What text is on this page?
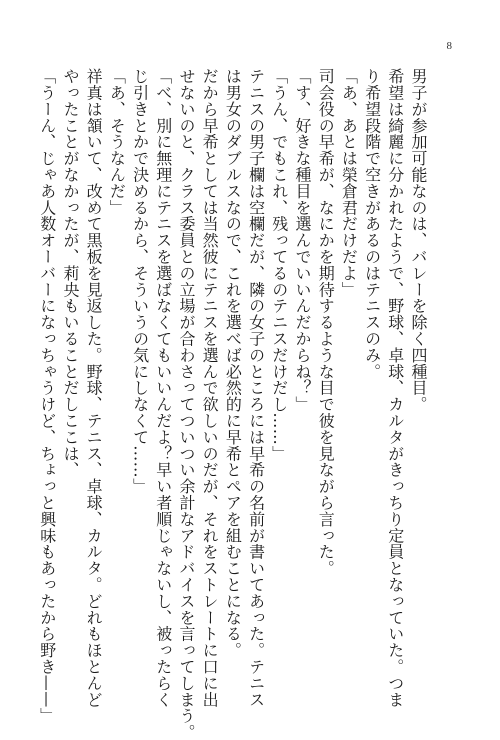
8
男子が参加可能なのは、バレーを除く四種目。
希望は綺麗に分かれたようで、野球、卓球、カルタがきっちり定員となっていた。つま
り希望段階で空きがあるのはテニスのみ。
「あ、あとは榮倉君だけだよ」
司会役の早希が、なにかを期待するような目で彼を見ながら言った。
「す、好きな種目を選んでいいんだからね？」
「うん、でもこれ、残ってるのテニスだけだし……」
テニスの男子欄は空欄だが、隣の女子のところには早希の名前が書いてあった。テニス
は男女のダブルスなので、これを選べば必然的に早希とペアを組むことになる。
だから早希としては当然彼にテニスを選んで欲しいのだが、それをストレートに口に出
せないのと、クラス委員との立場が合わさってついつい余計なアドバイスを言ってしまう。
「べ、別に無理にテニスを選ばなくてもいいんだよ？早い者順じゃないし、被ったらく
じ引きとかで決めるから、そういうの気にしなくて……」
「あ、そうなんだ」
祥真は頷いて、改めて黒板を見返した。野球、テニス、卓球、カルタ。どれもほとんど
やったことがなかったが、莉央もいることだしここは、
「うーん、じゃあ人数オーバーになっちゃうけど、ちょっと興味もあったから野き——」
